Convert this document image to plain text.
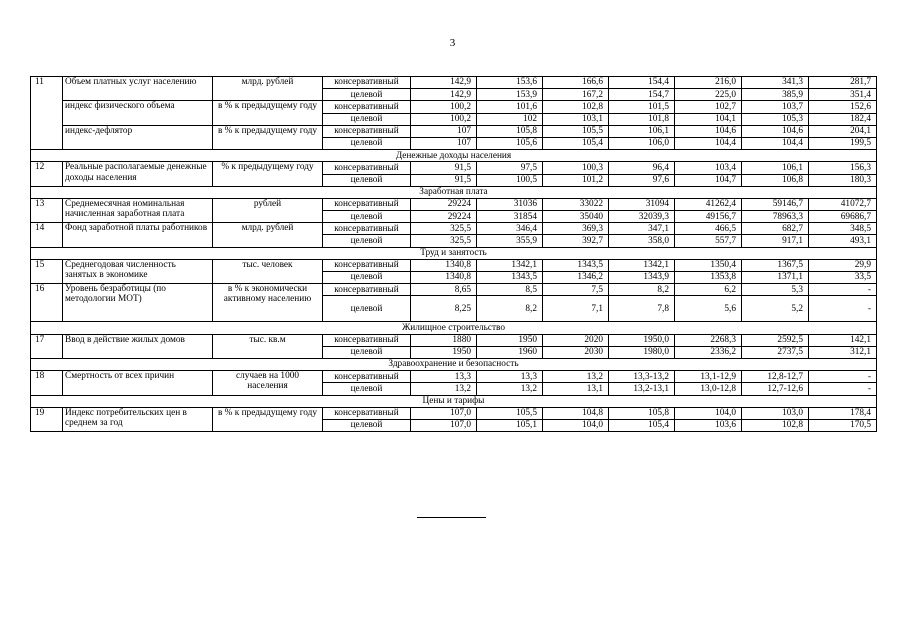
3
11	Объем платных услуг населению	млрд. рублей	консервативный	142,9	153,6	166,6	154,4	216,0	341,3	281,7
			целевой	142,9	153,9	167,2	154,7	225,0	385,9	351,4
	индекс физического объема	в % к предыдущему году	консервативный	100,2	101,6	102,8	101,5	102,7	103,7	152,6
			целевой	100,2	102	103,1	101,8	104,1	105,3	182,4
	индекс-дефлятор	в % к предыдущему году	консервативный	107	105,8	105,5	106,1	104,6	104,6	204,1
			целевой	107	105,6	105,4	106,0	104,4	104,4	199,5
Денежные доходы населения										
12	Реальные располагаемые денежные доходы населения	% к предыдущему году	консервативный	91,5	97,5	100,3	96,4	103,4	106,1	156,3
			целевой	91,5	100,5	101,2	97,6	104,7	106,8	180,3
Заработная плата										
13	Среднемесячная номинальная начисленная заработная плата	рублей	консервативный	29224	31036	33022	31094	41262,4	59146,7	41072,7
			целевой	29224	31854	35040	32039,3	49156,7	78963,3	69686,7
14	Фонд заработной платы работников	млрд. рублей	консервативный	325,5	346,4	369,3	347,1	466,5	682,7	348,5
			целевой	325,5	355,9	392,7	358,0	557,7	917,1	493,1
Труд и занятость										
15	Среднегодовая численность занятых в экономике	тыс. человек	консервативный	1340,8	1342,1	1343,5	1342,1	1350,4	1367,5	29,9
			целевой	1340,8	1343,5	1346,2	1343,9	1353,8	1371,1	33,5
16	Уровень безработицы (по методологии МОТ)	в % к экономически активному населению	консервативный	8,65	8,5	7,5	8,2	6,2	5,3	-
			целевой	8,25	8,2	7,1	7,8	5,6	5,2	-
Жилищное строительство										
17	Ввод в действие жилых домов	тыс. кв.м	консервативный	1880	1950	2020	1950,0	2268,3	2592,5	142,1
			целевой	1950	1960	2030	1980,0	2336,2	2737,5	312,1
Здравоохранение и безопасность										
18	Смертность от всех причин	случаев на 1000 населения	консервативный	13,3	13,3	13,2	13,3-13,2	13,1-12,9	12,8-12,7	-
			целевой	13,2	13,2	13,1	13,2-13,1	13,0-12,8	12,7-12,6	-
Цены и тарифы										
19	Индекс потребительских цен в среднем за год	в % к предыдущему году	консервативный	107,0	105,5	104,8	105,8	104,0	103,0	178,4
			целевой	107,0	105,1	104,0	105,4	103,6	102,8	170,5
